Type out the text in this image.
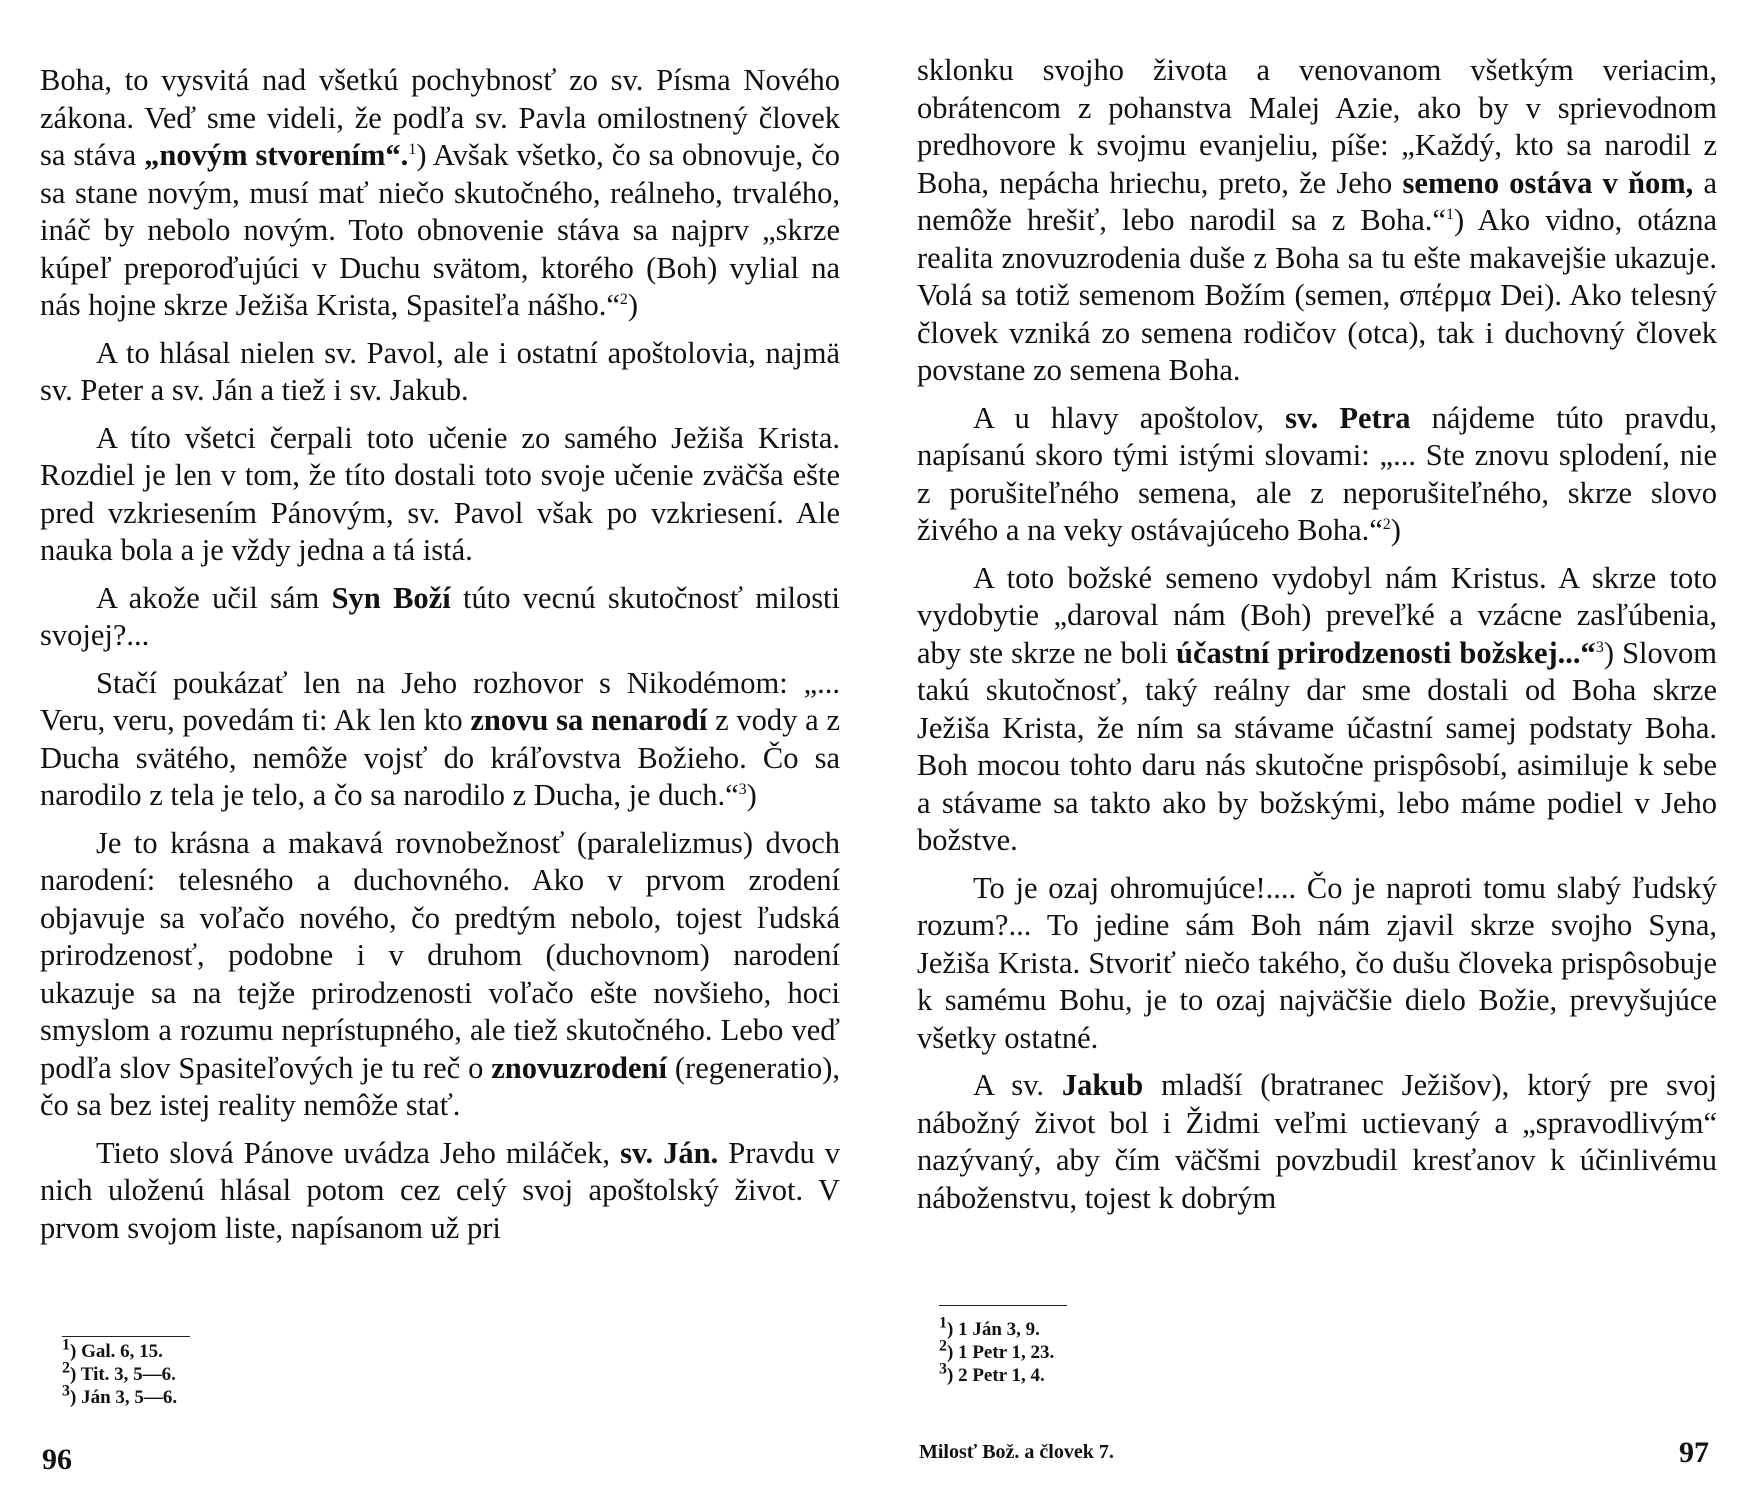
Boha, to vysvitá nad všetkú pochybnosť zo sv. Písma Nového zákona. Veď sme videli, že podľa sv. Pavla omilostnený človek sa stáva „novým stvorením“.$^1$) Avšak všetko, čo sa obnovuje, čo sa stane novým, musí mať niečo skutočného, reálneho, trvalého, ináč by nebolo novým. Toto obnovenie stáva sa najprv „skrze kúpeľ preporoďujúci v Duchu svätom, ktorého (Boh) vylial na nás hojne skrze Ježiša Krista, Spasiteľa nášho.“$^2$)

A to hlásal nielen sv. Pavol, ale i ostatní apoštolovia, najmä sv. Peter a sv. Ján a tiež i sv. Jakub.

A títo všetci čerpali toto učenie zo samého Ježiša Krista. Rozdiel je len v tom, že títo dostali toto svoje učenie zväčša ešte pred vzkriesením Pánovým, sv. Pavol však po vzkriesení. Ale nauka bola a je vždy jedna a tá istá.

A akože učil sám Syn Boží túto vecnú skutočnosť milosti svojej?...

Stačí poukázať len na Jeho rozhovor s Nikodémom: „... Veru, veru, povedám ti: Ak len kto znovu sa nenarodí z vody a z Ducha svätého, nemôže vojsť do kráľovstva Božieho. Čo sa narodilo z tela je telo, a čo sa narodilo z Ducha, je duch.“$^3$)

Je to krásna a makavá rovnobežnosť (paralelizmus) dvoch narodení: telesného a duchovného. Ako v prvom zrodení objavuje sa voľačo nového, čo predtým nebolo, tojest ľudská prirodzenosť, podobne i v druhom (duchovnom) narodení ukazuje sa na tejže prirodzenosti voľačo ešte novšieho, hoci smyslom a rozumu neprístupného, ale tiež skutočného. Lebo veď podľa slov Spasiteľových je tu reč o znovuzrodení (regeneratio), čo sa bez istej reality nemôže stať.

Tieto slová Pánove uvádza Jeho miláček, sv. Ján. Pravdu v nich uloženú hlásal potom cez celý svoj apoštolský život. V prvom svojom liste, napísanom už pri

$^1$) Gal. 6, 15.

$^2$) Tit. 3, 5—6.

$^3$) Ján 3, 5—6.

96

sklonku svojho života a venovanom všetkým veriacim, obrátencom z pohanstva Malej Azie, ako by v sprievodnom predhovore k svojmu evanjeliu, píše: „Každý, kto sa narodil z Boha, nepácha hriechu, preto, že Jeho semeno ostáva v ňom, a nemôže hrešiť, lebo narodil sa z Boha.“$^1$) Ako vidno, otázna realita znovuzrodenia duše z Boha sa tu ešte makavejšie ukazuje. Volá sa totiž semenom Božím (semen, σπέρμα Dei). Ako telesný človek vzniká zo semena rodičov (otca), tak i duchovný človek povstane zo semena Boha.

A u hlavy apoštolov, sv. Petra nájdeme túto pravdu, napísanú skoro tými istými slovami: „... Ste znovu splodení, nie z porušiteľného semena, ale z neporušiteľného, skrze slovo živého a na veky ostávajúceho Boha.“$^2$)

A toto božské semeno vydobyl nám Kristus. A skrze toto vydobytie „daroval nám (Boh) preveľké a vzácne zasľúbenia, aby ste skrze ne boli účastní prirodzenosti božskej...“$^3$) Slovom takú skutočnosť, taký reálny dar sme dostali od Boha skrze Ježiša Krista, že ním sa stávame účastní samej podstaty Boha. Boh mocou tohto daru nás skutočne prispôsobí, asimiluje k sebe a stávame sa takto ako by božskými, lebo máme podiel v Jeho božstve.

To je ozaj ohromujúce!.... Čo je naproti tomu slabý ľudský rozum?... To jedine sám Boh nám zjavil skrze svojho Syna, Ježiša Krista. Stvoriť niečo takého, čo dušu človeka prispôsobuje k samému Bohu, je to ozaj najväčšie dielo Božie, prevyšujúce všetky ostatné.

A sv. Jakub mladší (bratranec Ježišov), ktorý pre svoj nábožný život bol i Židmi veľmi uctievaný a „spravodlivým“ nazývaný, aby čím väčšmi povzbudil kresťanov k účinlivému náboženstvu, tojest k dobrým

$^1$) 1 Ján 3, 9.

$^2$) 1 Petr 1, 23.

$^3$) 2 Petr 1, 4.

Milosť Bož. a človek 7.	97
